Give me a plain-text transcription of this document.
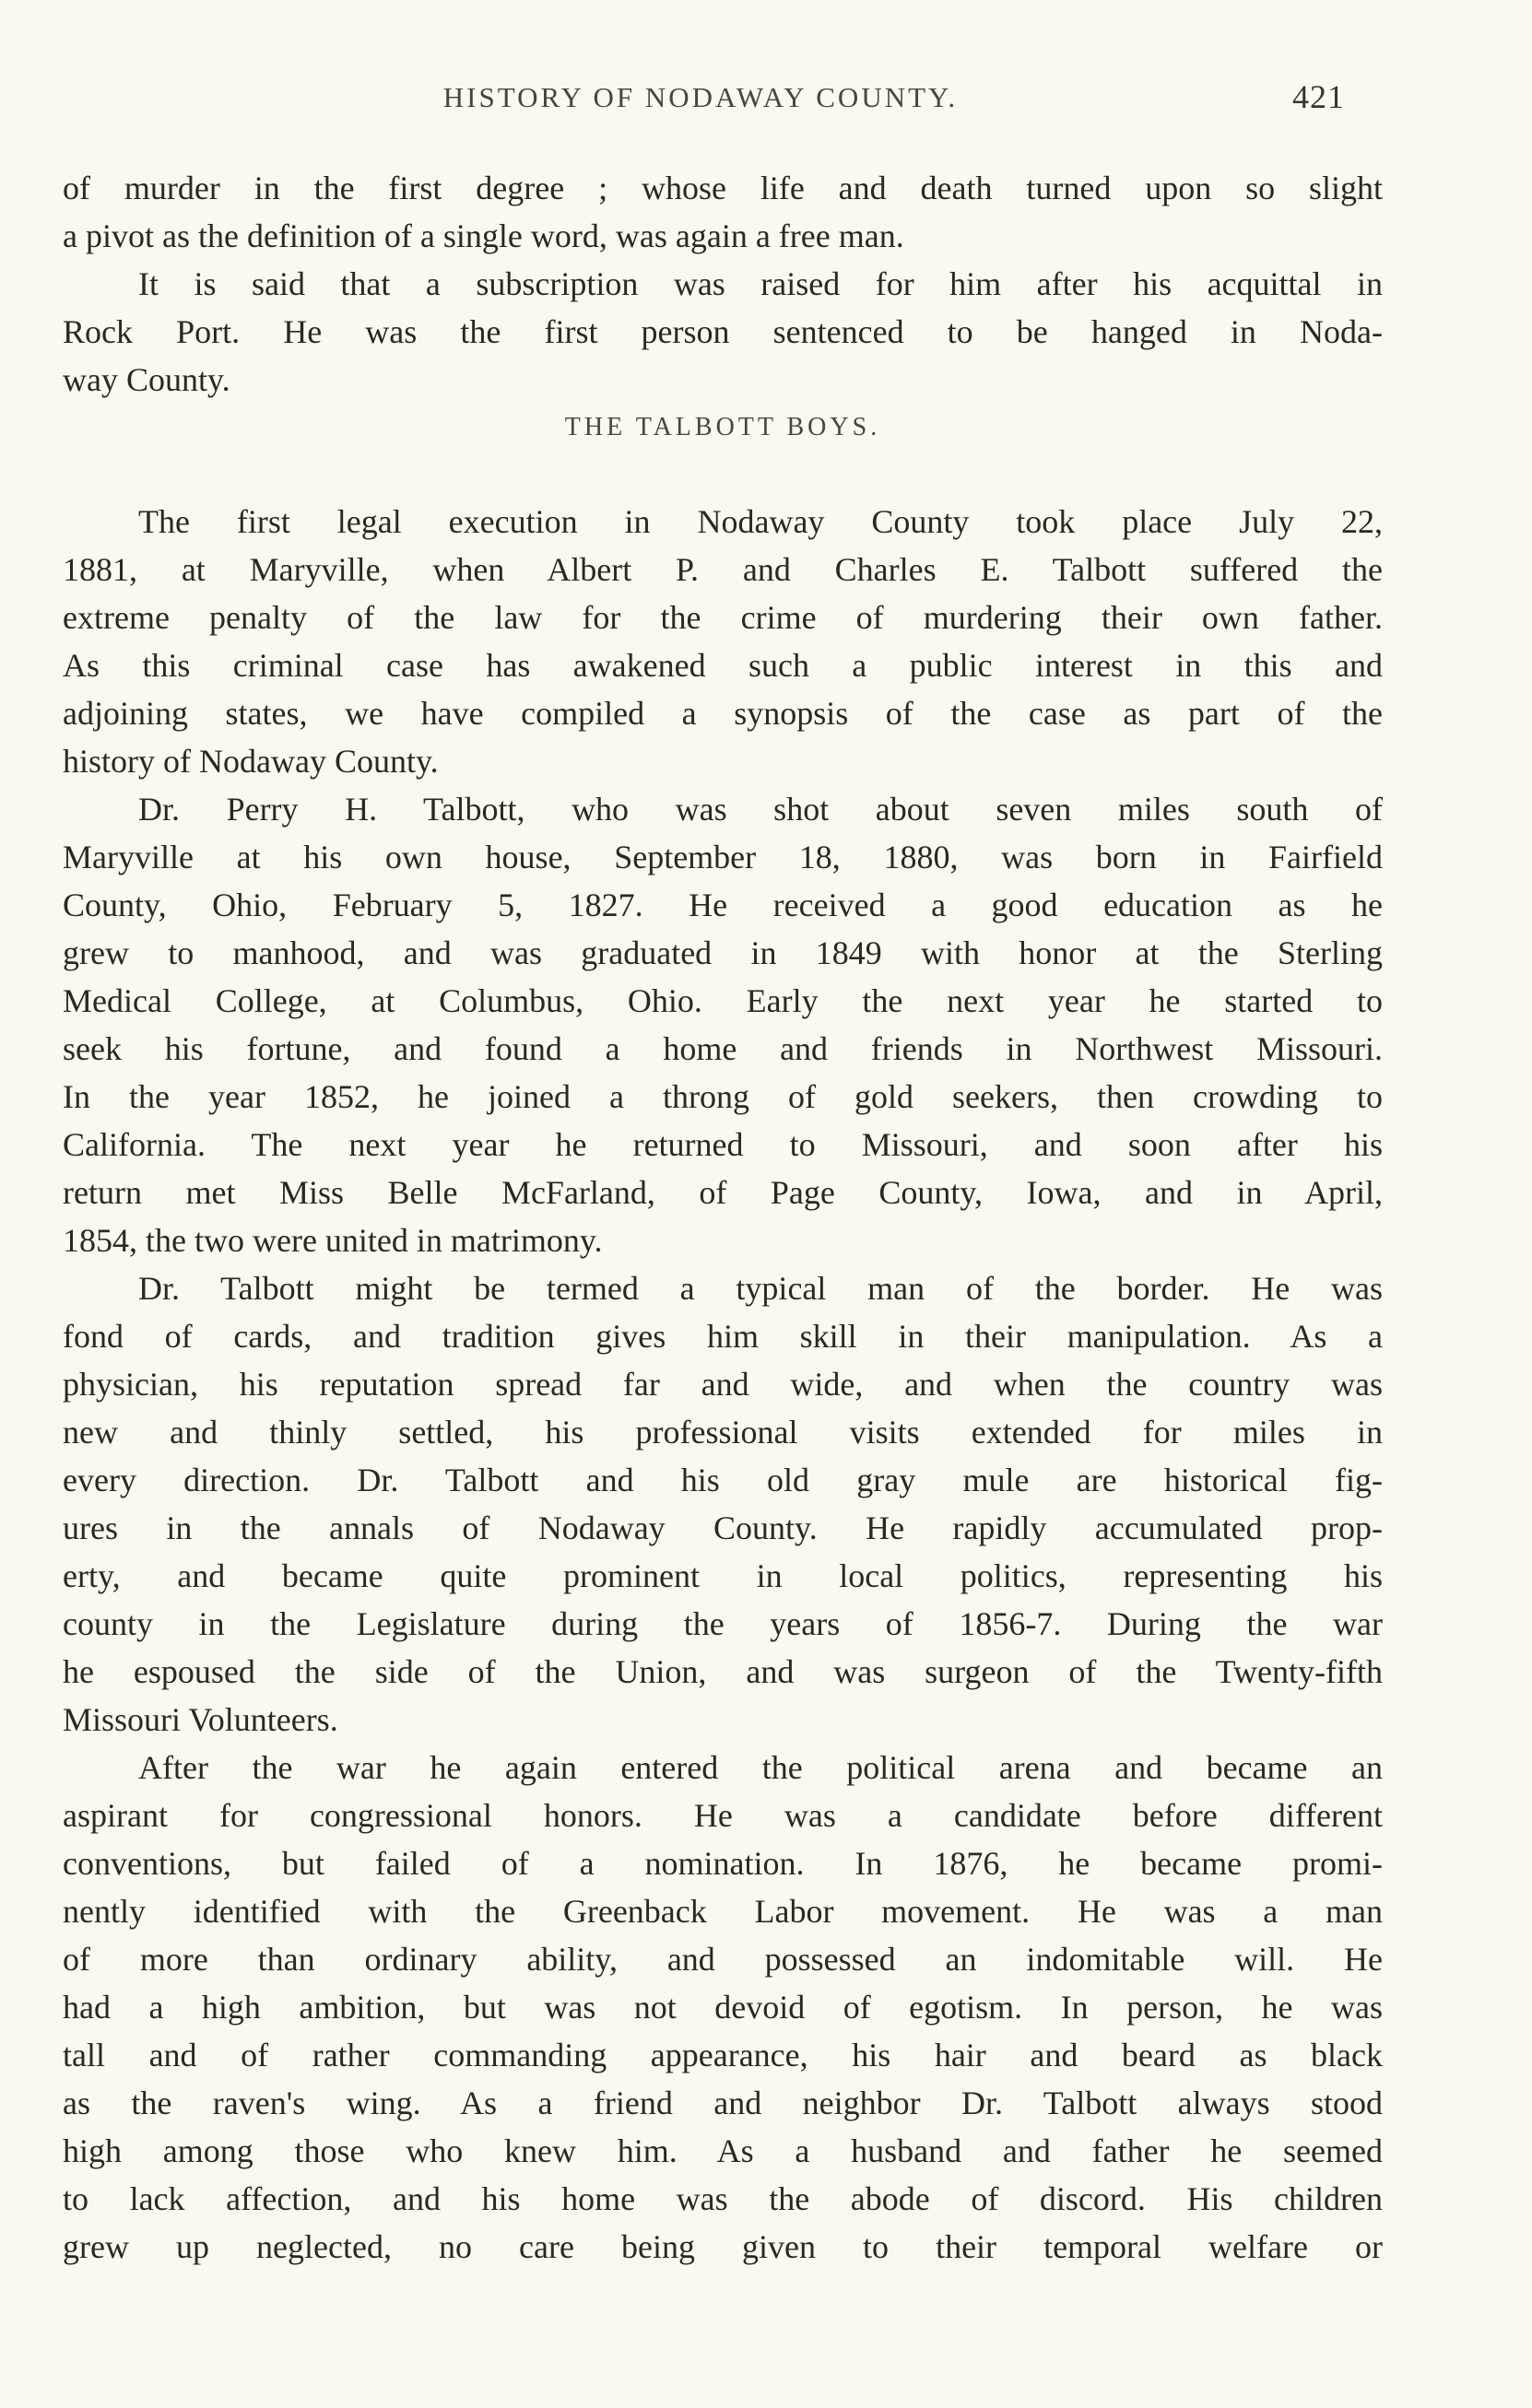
HISTORY OF NODAWAY COUNTY.	421
of murder in the first degree ; whose life and death turned upon so slight
a pivot as the definition of a single word, was again a free man.
It is said that a subscription was raised for him after his acquittal in
Rock Port. He was the first person sentenced to be hanged in Noda-
way County.
THE TALBOTT BOYS.
The first legal execution in Nodaway County took place July 22,
1881, at Maryville, when Albert P. and Charles E. Talbott suffered the
extreme penalty of the law for the crime of murdering their own father.
As this criminal case has awakened such a public interest in this and
adjoining states, we have compiled a synopsis of the case as part of the
history of Nodaway County.
Dr. Perry H. Talbott, who was shot about seven miles south of
Maryville at his own house, September 18, 1880, was born in Fairfield
County, Ohio, February 5, 1827. He received a good education as he
grew to manhood, and was graduated in 1849 with honor at the Sterling
Medical College, at Columbus, Ohio. Early the next year he started to
seek his fortune, and found a home and friends in Northwest Missouri.
In the year 1852, he joined a throng of gold seekers, then crowding to
California. The next year he returned to Missouri, and soon after his
return met Miss Belle McFarland, of Page County, Iowa, and in April,
1854, the two were united in matrimony.
Dr. Talbott might be termed a typical man of the border. He was
fond of cards, and tradition gives him skill in their manipulation. As a
physician, his reputation spread far and wide, and when the country was
new and thinly settled, his professional visits extended for miles in
every direction. Dr. Talbott and his old gray mule are historical fig-
ures in the annals of Nodaway County. He rapidly accumulated prop-
erty, and became quite prominent in local politics, representing his
county in the Legislature during the years of 1856-7. During the war
he espoused the side of the Union, and was surgeon of the Twenty-fifth
Missouri Volunteers.
After the war he again entered the political arena and became an
aspirant for congressional honors. He was a candidate before different
conventions, but failed of a nomination. In 1876, he became promi-
nently identified with the Greenback Labor movement. He was a man
of more than ordinary ability, and possessed an indomitable will. He
had a high ambition, but was not devoid of egotism. In person, he was
tall and of rather commanding appearance, his hair and beard as black
as the raven's wing. As a friend and neighbor Dr. Talbott always stood
high among those who knew him. As a husband and father he seemed
to lack affection, and his home was the abode of discord. His children
grew up neglected, no care being given to their temporal welfare or
